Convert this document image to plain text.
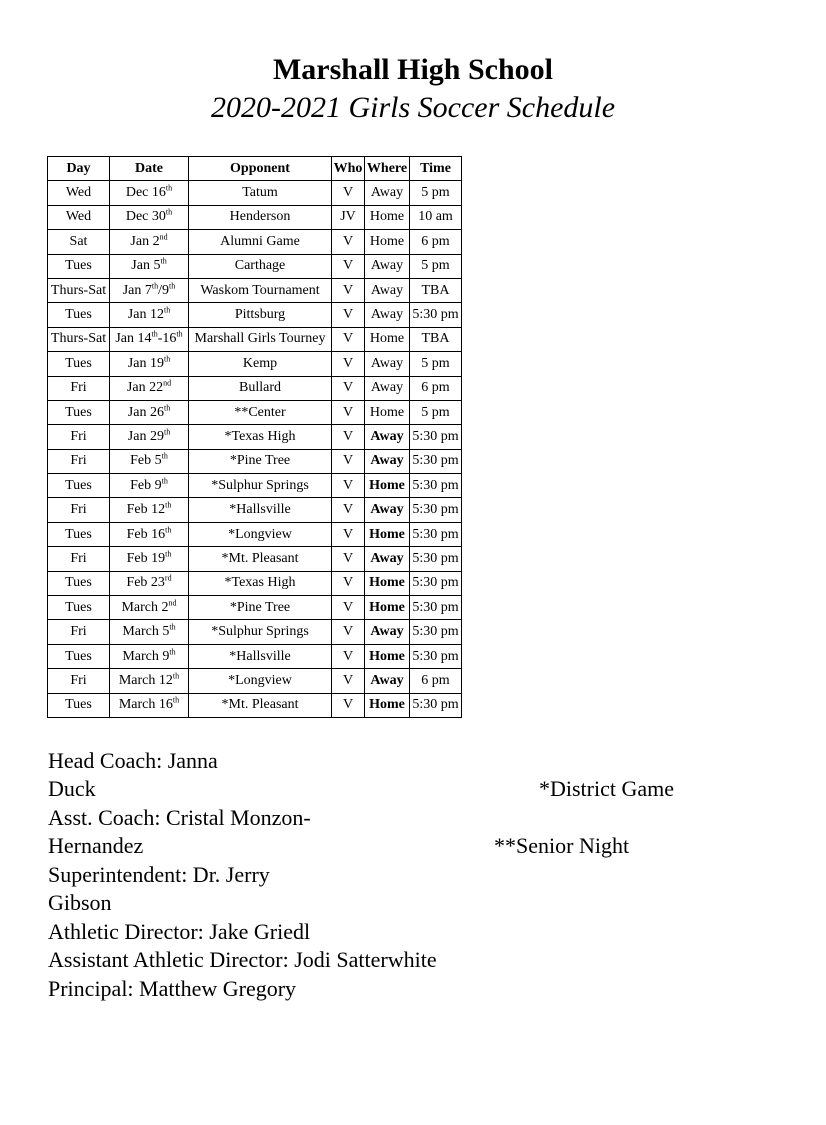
Marshall High School
2020-2021 Girls Soccer Schedule
Day	Date	Opponent	Who	Where	Time
Wed	Dec 16th	Tatum	V	Away	5 pm
Wed	Dec 30th	Henderson	JV	Home	10 am
Sat	Jan 2nd	Alumni Game	V	Home	6 pm
Tues	Jan 5th	Carthage	V	Away	5 pm
Thurs-Sat	Jan 7th/9th	Waskom Tournament	V	Away	TBA
Tues	Jan 12th	Pittsburg	V	Away	5:30 pm
Thurs-Sat	Jan 14th-16th	Marshall Girls Tourney	V	Home	TBA
Tues	Jan 19th	Kemp	V	Away	5 pm
Fri	Jan 22nd	Bullard	V	Away	6 pm
Tues	Jan 26th	**Center	V	Home	5 pm
Fri	Jan 29th	*Texas High	V	Away	5:30 pm
Fri	Feb 5th	*Pine Tree	V	Away	5:30 pm
Tues	Feb 9th	*Sulphur Springs	V	Home	5:30 pm
Fri	Feb 12th	*Hallsville	V	Away	5:30 pm
Tues	Feb 16th	*Longview	V	Home	5:30 pm
Fri	Feb 19th	*Mt. Pleasant	V	Away	5:30 pm
Tues	Feb 23rd	*Texas High	V	Home	5:30 pm
Tues	March 2nd	*Pine Tree	V	Home	5:30 pm
Fri	March 5th	*Sulphur Springs	V	Away	5:30 pm
Tues	March 9th	*Hallsville	V	Home	5:30 pm
Fri	March 12th	*Longview	V	Away	6 pm
Tues	March 16th	*Mt. Pleasant	V	Home	5:30 pm
Head Coach: Janna
Duck	*District Game
Asst. Coach: Cristal Monzon-
Hernandez	**Senior Night
Superintendent: Dr. Jerry
Gibson
Athletic Director: Jake Griedl
Assistant Athletic Director: Jodi Satterwhite
Principal: Matthew Gregory
